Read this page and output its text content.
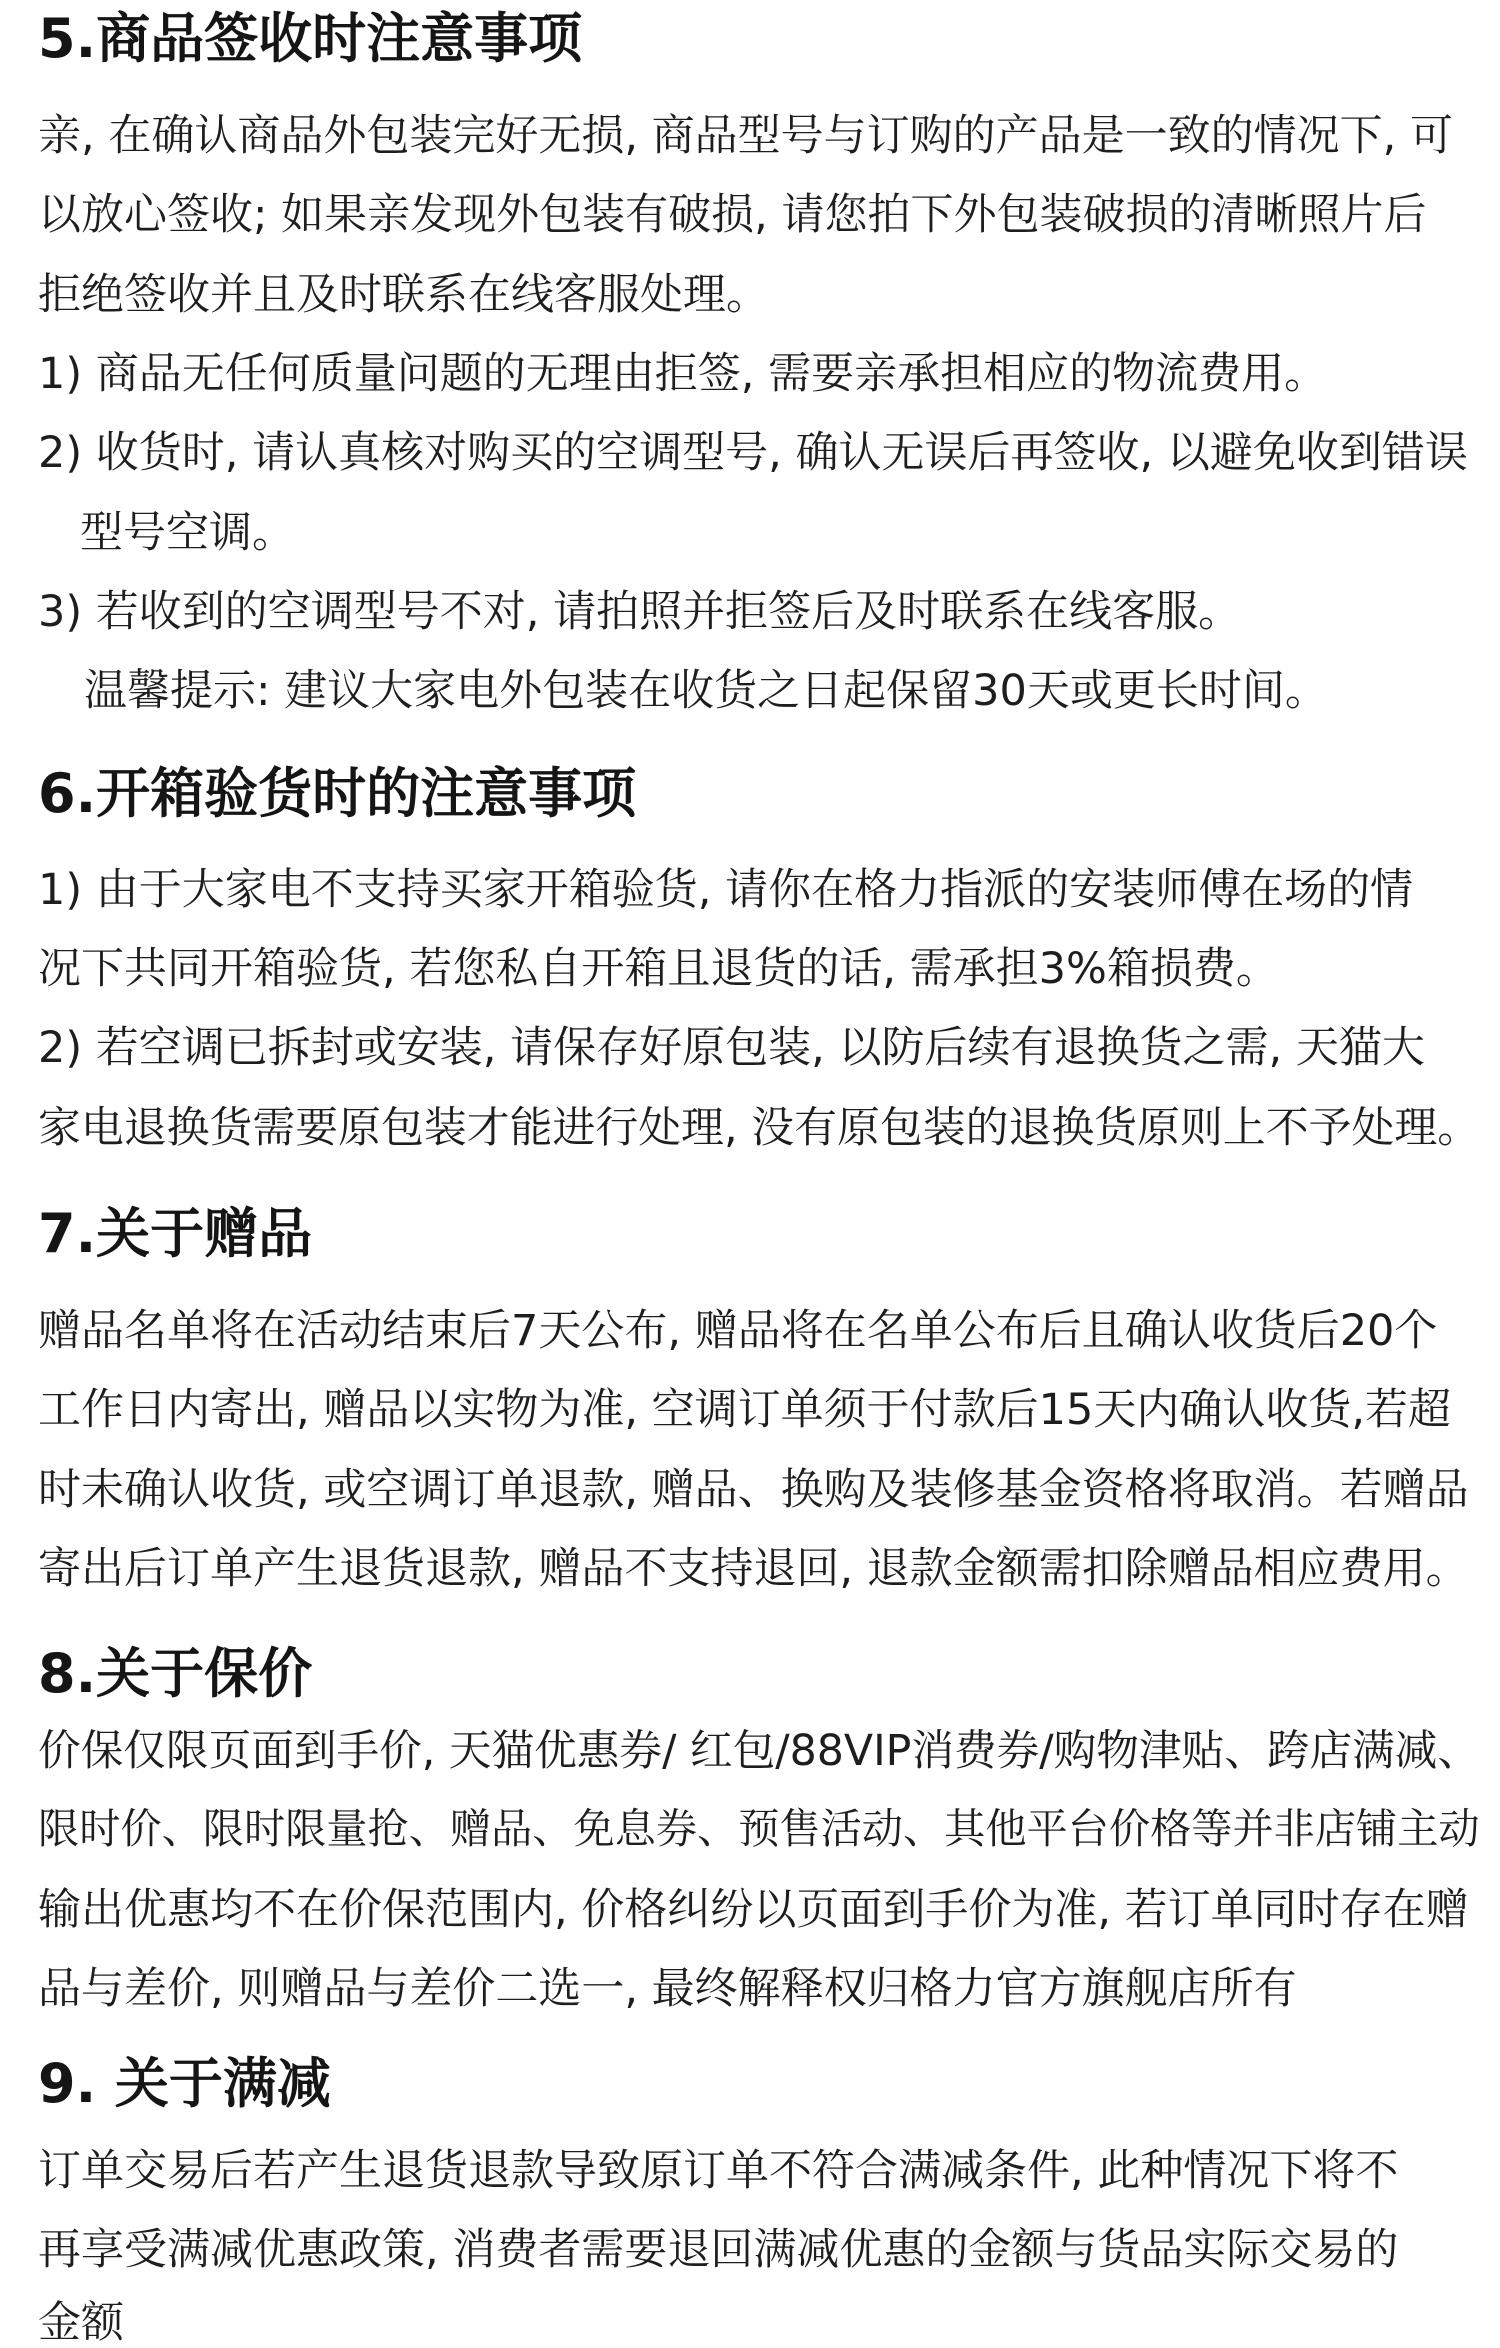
5.商品签收时注意事项
亲, 在确认商品外包装完好无损, 商品型号与订购的产品是一致的情况下, 可
以放心签收; 如果亲发现外包装有破损, 请您拍下外包装破损的清晰照片后
拒绝签收并且及时联系在线客服处理。
1) 商品无任何质量问题的无理由拒签, 需要亲承担相应的物流费用。
2) 收货时, 请认真核对购买的空调型号, 确认无误后再签收, 以避免收到错误
型号空调。
3) 若收到的空调型号不对, 请拍照并拒签后及时联系在线客服。
温馨提示: 建议大家电外包装在收货之日起保留30天或更长时间。
6.开箱验货时的注意事项
1) 由于大家电不支持买家开箱验货, 请你在格力指派的安装师傅在场的情
况下共同开箱验货, 若您私自开箱且退货的话, 需承担3%箱损费。
2) 若空调已拆封或安装, 请保存好原包装, 以防后续有退换货之需, 天猫大
家电退换货需要原包装才能进行处理, 没有原包装的退换货原则上不予处理。
7.关于赠品
赠品名单将在活动结束后7天公布, 赠品将在名单公布后且确认收货后20个
工作日内寄出, 赠品以实物为准, 空调订单须于付款后15天内确认收货,若超
时未确认收货, 或空调订单退款, 赠品、换购及装修基金资格将取消。若赠品
寄出后订单产生退货退款, 赠品不支持退回, 退款金额需扣除赠品相应费用。
8.关于保价
价保仅限页面到手价, 天猫优惠券/ 红包/88VIP消费券/购物津贴、跨店满减、
限时价、限时限量抢、赠品、免息券、预售活动、其他平台价格等并非店铺主动
输出优惠均不在价保范围内, 价格纠纷以页面到手价为准, 若订单同时存在赠
品与差价, 则赠品与差价二选一, 最终解释权归格力官方旗舰店所有
9. 关于满减
订单交易后若产生退货退款导致原订单不符合满减条件, 此种情况下将不
再享受满减优惠政策, 消费者需要退回满减优惠的金额与货品实际交易的
金额
